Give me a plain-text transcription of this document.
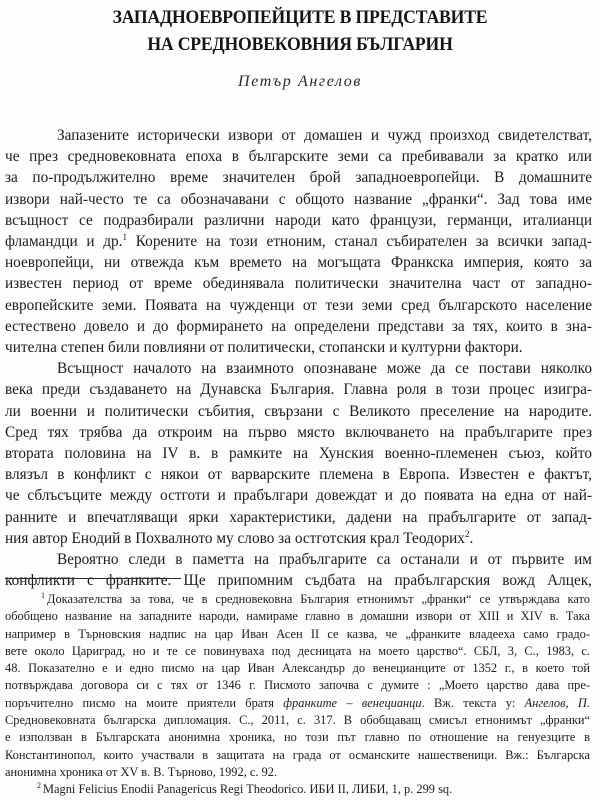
ЗАПАДНОЕВРОПЕЙЦИТЕ В ПРЕДСТАВИТЕ
НА СРЕДНОВЕКОВНИЯ БЪЛГАРИН
Петър Ангелов
Запазените исторически извори от домашен и чужд произход свидетелстват,
че през средновековната епоха в българските земи са пребивавали за кратко или
за по-продължително време значителен брой западноевропейци. В домашните
извори най-често те са обозначавани с общото название „франки“. Зад това име
всъщност се подразбирали различни народи като французи, германци, италианци
фламандци и др.$^1$ Корените на този етноним, станал събирателен за всички запад-
ноевропейци, ни отвежда към времето на могъщата Франкска империя, която за
известен период от време обединявала политически значителна част от западно-
европейските земи. Появата на чужденци от тези земи сред българското население
естествено довело и до формирането на определени представи за тях, които в зна-
чителна степен били повлияни от политически, стопански и културни фактори.
Всъщност началото на взаимното опознаване може да се постави няколко
века преди създаването на Дунавска България. Главна роля в този процес изигра-
ли военни и политически събития, свързани с Великото преселение на народите.
Сред тях трябва да откроим на първо място включването на прабългарите през
втората половина на IV в. в рамките на Хунския военно-племенен съюз, който
влязъл в конфликт с някои от варварските племена в Европа. Известен е фактът,
че сблъсъците между остготи и прабългари довеждат и до появата на една от най-
ранните и впечатляващи ярки характеристики, дадени на прабългарите от запад-
ния автор Енодий в Похвалното му слово за остготския крал Теодорих$^2$.
Вероятно следи в паметта на прабългарите са останали и от първите им
конфликти с франките. Ще припомним съдбата на прабългарския вожд Алцек,
$^1$ Доказателства за това, че в средновековна България етнонимът „франки“ се утвърждава като
обобщено название на западните народи, намираме главно в домашни извори от XIII и XIV в. Така
например в Търновския надпис на цар Иван Асен II се казва, че „франките владееха само градо-
вете около Цариград, но и те се повинуваха под десницата на моето царство“. СБЛ, 3, С., 1983, с.
48. Показателно е и едно писмо на цар Иван Александър до венецианците от 1352 г., в което той
потвърждава договора си с тях от 1346 г. Писмото започва с думите : „Моето царство дава пре-
поръчително писмо на моите приятели братя франките – венецианци. Вж. текста у: Ангелов, П.
Средновековната българска дипломация. С., 2011, с. 317. В обобщаващ смисъл етнонимът „франки“
е използван в Българската анонимна хроника, но този път главно по отношение на генуезците в
Константинопол, които участвали в защитата на града от османските нашественици. Вж.: Българска
анонимна хроника от XV в. В. Търново, 1992, с. 92.
$^2$ Magni Felicius Enodii Panagericus Regi Theodorico. ИБИ II, ЛИБИ, 1, p. 299 sq.
